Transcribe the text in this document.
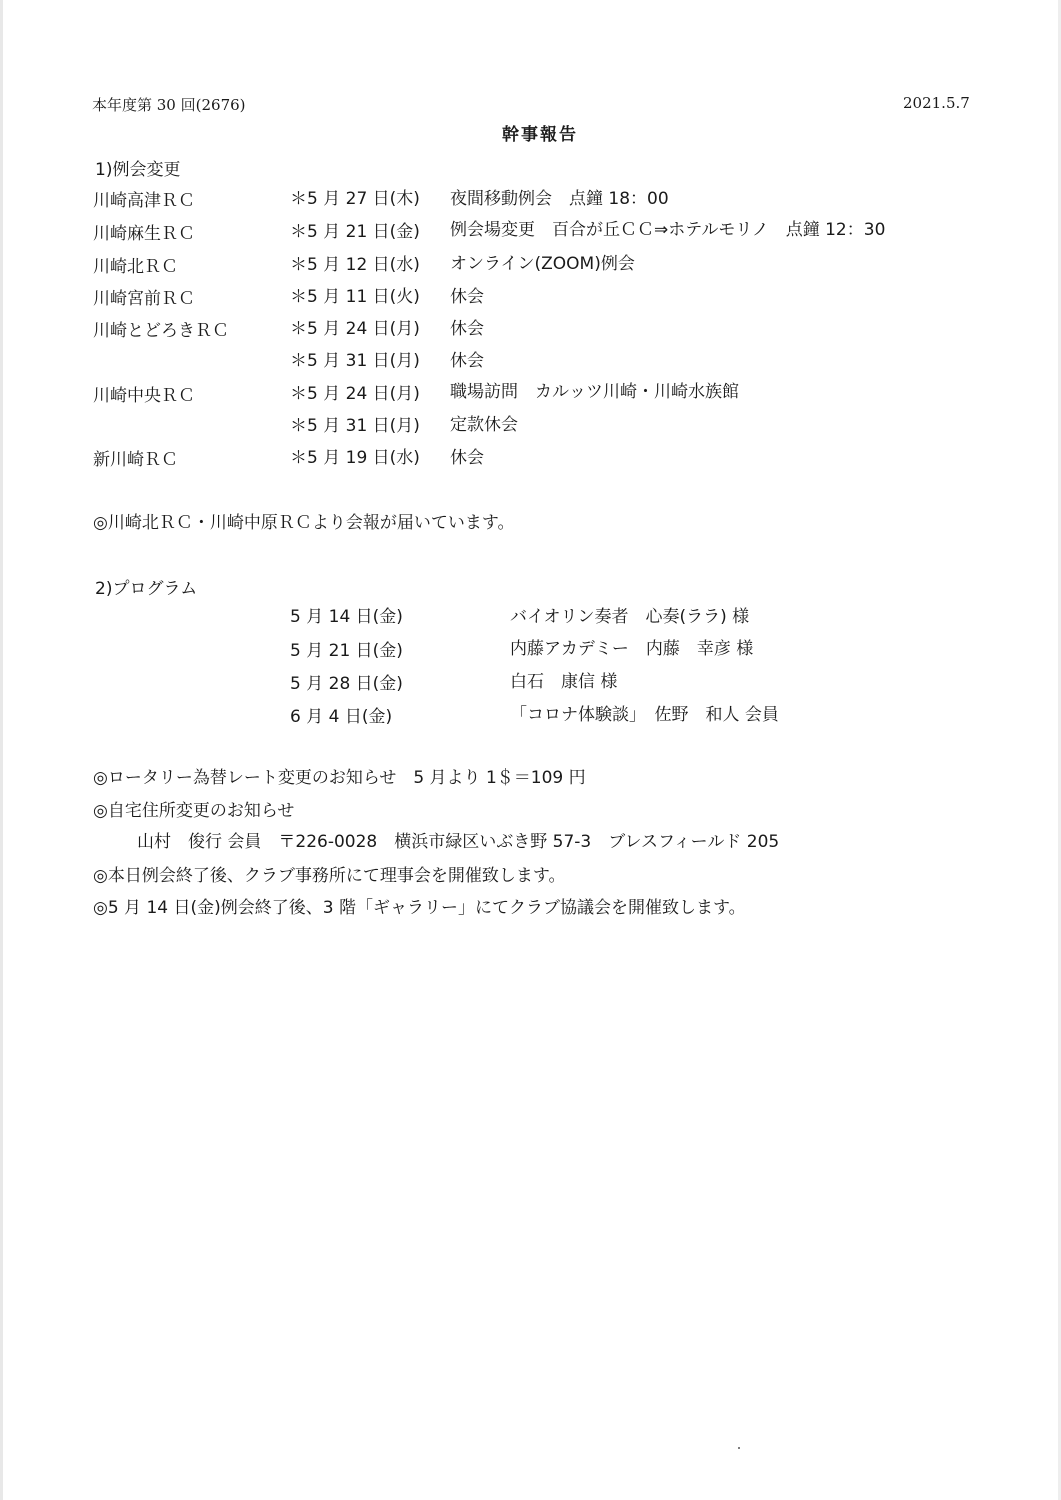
本年度第 30 回(2676)	2021.5.7
幹事報告
1)例会変更
川崎高津ＲＣ	＊5 月 27 日(木) 夜間移動例会　点鐘 18：00
川崎麻生ＲＣ	＊5 月 21 日(金) 例会場変更　百合が丘ＣＣ⇒ホテルモリノ　点鐘 12：30
川崎北ＲＣ	＊5 月 12 日(水) オンライン(ZOOM)例会
川崎宮前ＲＣ	＊5 月 11 日(火) 休会
川崎とどろきＲＣ	＊5 月 24 日(月) 休会
＊5 月 31 日(月) 休会
川崎中央ＲＣ	＊5 月 24 日(月) 職場訪問　カルッツ川崎・川崎水族館
＊5 月 31 日(月) 定款休会
新川崎ＲＣ	＊5 月 19 日(水) 休会
◎川崎北ＲＣ・川崎中原ＲＣより会報が届いています。
2)プログラム
5 月 14 日(金)	バイオリン奏者　心奏(ララ) 様
5 月 21 日(金)	内藤アカデミー　内藤　幸彦 様
5 月 28 日(金)	白石　康信 様
6 月 4 日(金)	「コロナ体験談」　佐野　和人 会員
◎ロータリー為替レート変更のお知らせ　5 月より 1＄＝109 円
◎自宅住所変更のお知らせ
山村　俊行 会員　〒226-0028　横浜市緑区いぶき野 57-3　ブレスフィールド 205
◎本日例会終了後、クラブ事務所にて理事会を開催致します。
◎5 月 14 日(金)例会終了後、3 階「ギャラリー」にてクラブ協議会を開催致します。
